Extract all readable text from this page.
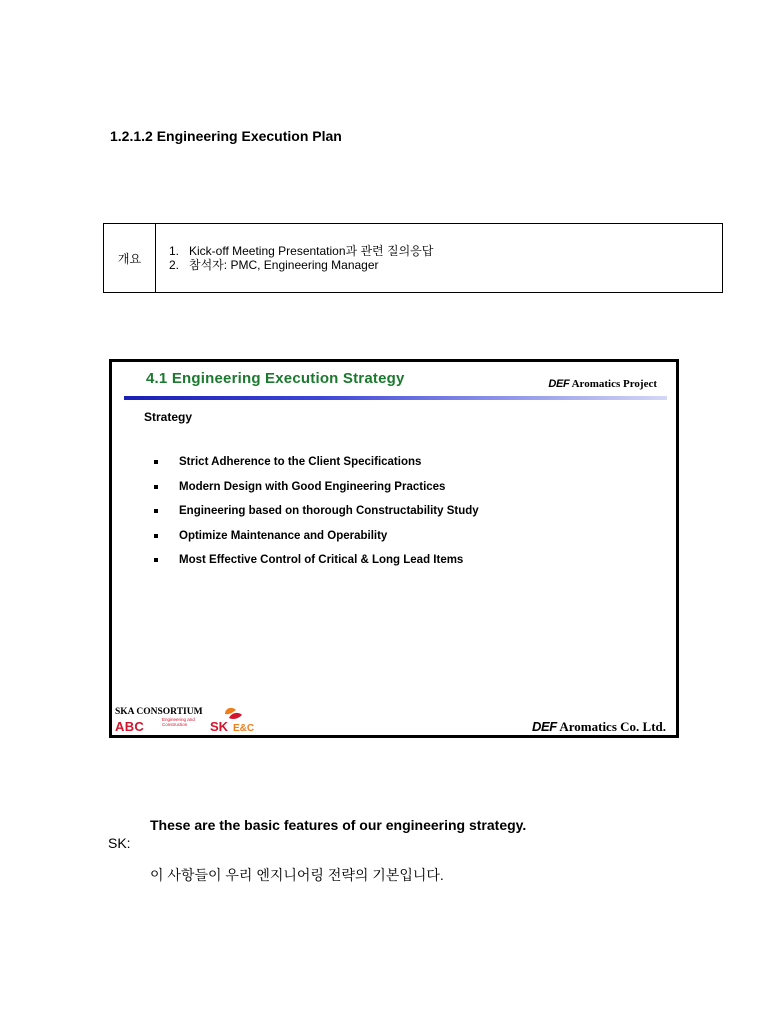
1.2.1.2 Engineering Execution Plan
개요
1. Kick-off Meeting Presentation과 관련 질의응답
2. 참석자: PMC, Engineering Manager
4.1 Engineering Execution Strategy	DEF Aromatics Project
Strategy
Strict Adherence to the Client Specifications
Modern Design with Good Engineering Practices
Engineering based on thorough Constructability Study
Optimize Maintenance and Operability
Most Effective Control of Critical & Long Lead Items
SKA CONSORTIUM
ABC	Engineering and Construction	SK E&C	DEF Aromatics Co. Ltd.
These are the basic features of our engineering strategy.
SK:
이 사항들이 우리 엔지니어링 전략의 기본입니다.
